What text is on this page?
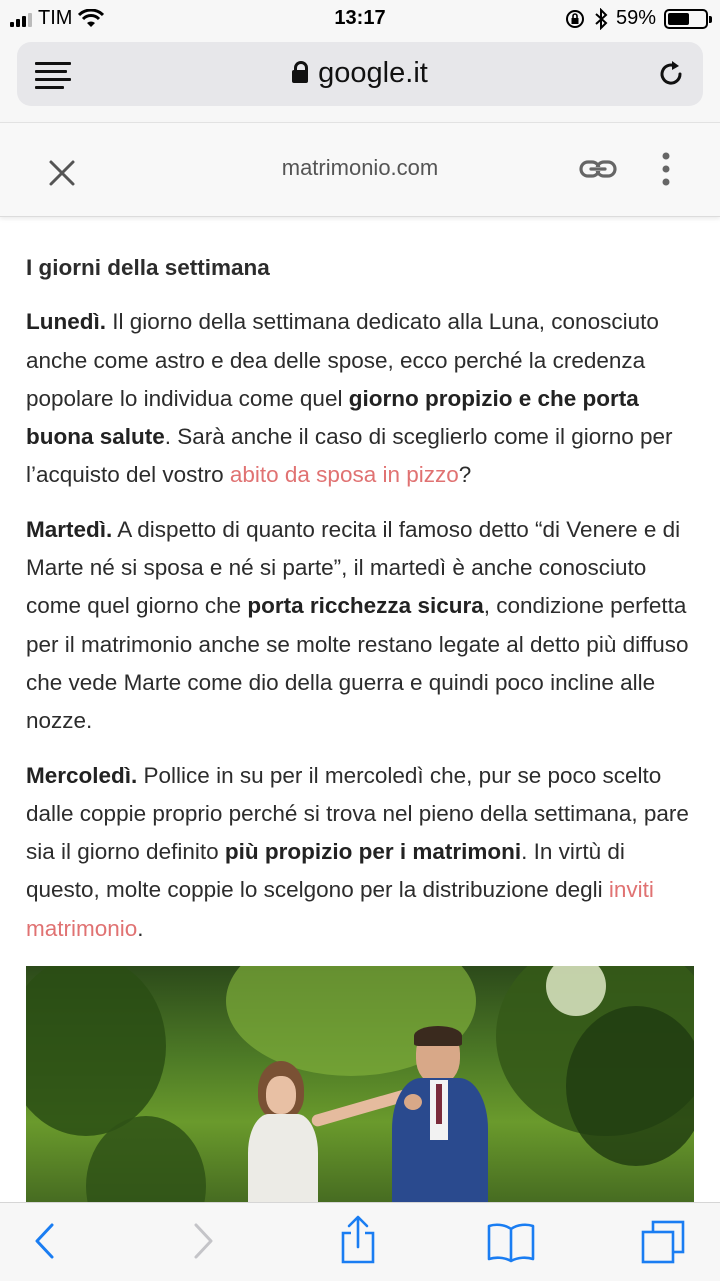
TIM	13:17	59%
google.it
matrimonio.com

I giorni della settimana

Lunedì. Il giorno della settimana dedicato alla Luna, conosciuto anche come astro e dea delle spose, ecco perché la credenza popolare lo individua come quel giorno propizio e che porta buona salute. Sarà anche il caso di sceglierlo come il giorno per l’acquisto del vostro abito da sposa in pizzo?

Martedì. A dispetto di quanto recita il famoso detto “di Venere e di Marte né si sposa e né si parte”, il martedì è anche conosciuto come quel giorno che porta ricchezza sicura, condizione perfetta per il matrimonio anche se molte restano legate al detto più diffuso che vede Marte come dio della guerra e quindi poco incline alle nozze.

Mercoledì. Pollice in su per il mercoledì che, pur se poco scelto dalle coppie proprio perché si trova nel pieno della settimana, pare sia il giorno definito più propizio per i matrimoni. In virtù di questo, molte coppie lo scelgono per la distribuzione degli inviti matrimonio.
